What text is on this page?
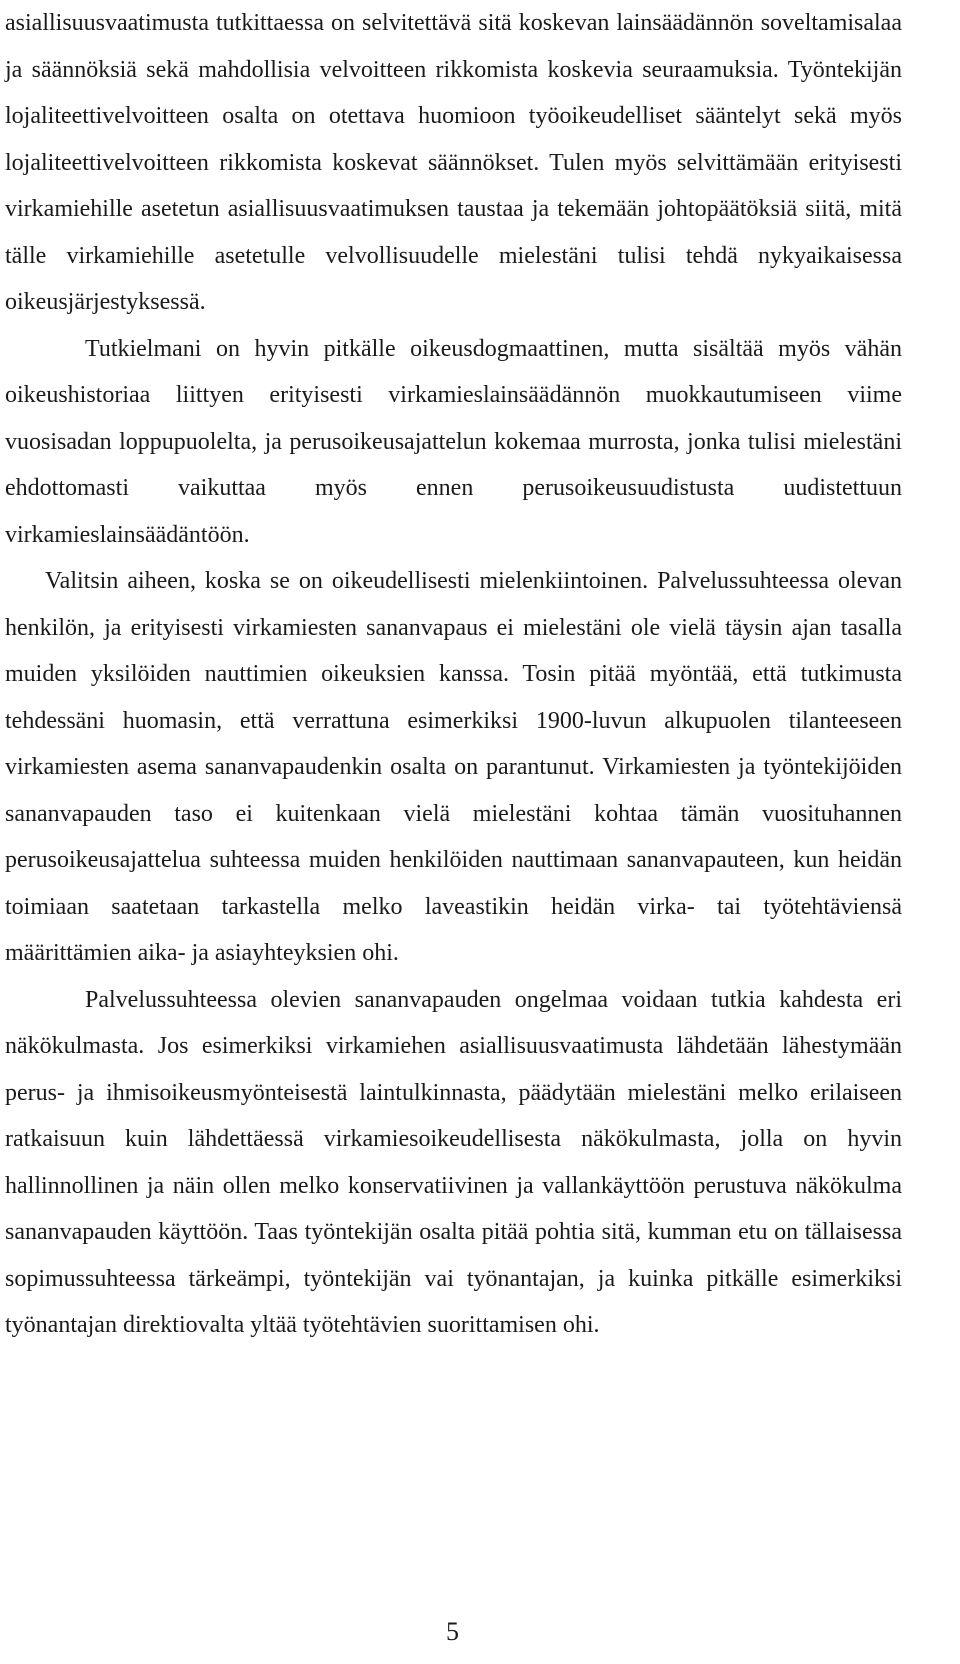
asiallisuusvaatimusta tutkittaessa on selvitettävä sitä koskevan lainsäädännön soveltamisalaa ja säännöksiä sekä mahdollisia velvoitteen rikkomista koskevia seuraamuksia. Työntekijän lojaliteettivelvoitteen osalta on otettava huomioon työoikeudelliset sääntelyt sekä myös lojaliteettivelvoitteen rikkomista koskevat säännökset. Tulen myös selvittämään erityisesti virkamiehille asetetun asiallisuusvaatimuksen taustaa ja tekemään johtopäätöksiä siitä, mitä tälle virkamiehille asetetulle velvollisuudelle mielestäni tulisi tehdä nykyaikaisessa oikeusjärjestyksessä.

Tutkielmani on hyvin pitkälle oikeusdogmaattinen, mutta sisältää myös vähän oikeushistoriaa liittyen erityisesti virkamieslainsäädännön muokkautumiseen viime vuosisadan loppupuolelta, ja perusoikeusajattelun kokemaa murrosta, jonka tulisi mielestäni ehdottomasti vaikuttaa myös ennen perusoikeusuudistusta uudistettuun virkamieslainsäädäntöön.

Valitsin aiheen, koska se on oikeudellisesti mielenkiintoinen. Palvelussuhteessa olevan henkilön, ja erityisesti virkamiesten sananvapaus ei mielestäni ole vielä täysin ajan tasalla muiden yksilöiden nauttimien oikeuksien kanssa. Tosin pitää myöntää, että tutkimusta tehdessäni huomasin, että verrattuna esimerkiksi 1900-luvun alkupuolen tilanteeseen virkamiesten asema sananvapaudenkin osalta on parantunut. Virkamiesten ja työntekijöiden sananvapauden taso ei kuitenkaan vielä mielestäni kohtaa tämän vuosituhannen perusoikeusajattelua suhteessa muiden henkilöiden nauttimaan sananvapauteen, kun heidän toimiaan saatetaan tarkastella melko laveastikin heidän virka- tai työtehtäviensä määrittämien aika- ja asiayhteyksien ohi.

Palvelussuhteessa olevien sananvapauden ongelmaa voidaan tutkia kahdesta eri näkökulmasta. Jos esimerkiksi virkamiehen asiallisuusvaatimusta lähdetään lähestymään perus- ja ihmisoikeusmyönteisestä laintulkinnasta, päädytään mielestäni melko erilaiseen ratkaisuun kuin lähdettäessä virkamiesoikeudellisesta näkökulmasta, jolla on hyvin hallinnollinen ja näin ollen melko konservatiivinen ja vallankäyttöön perustuva näkökulma sananvapauden käyttöön. Taas työntekijän osalta pitää pohtia sitä, kumman etu on tällaisessa sopimussuhteessa tärkeämpi, työntekijän vai työnantajan, ja kuinka pitkälle esimerkiksi työnantajan direktiovalta yltää työtehtävien suorittamisen ohi.

5
